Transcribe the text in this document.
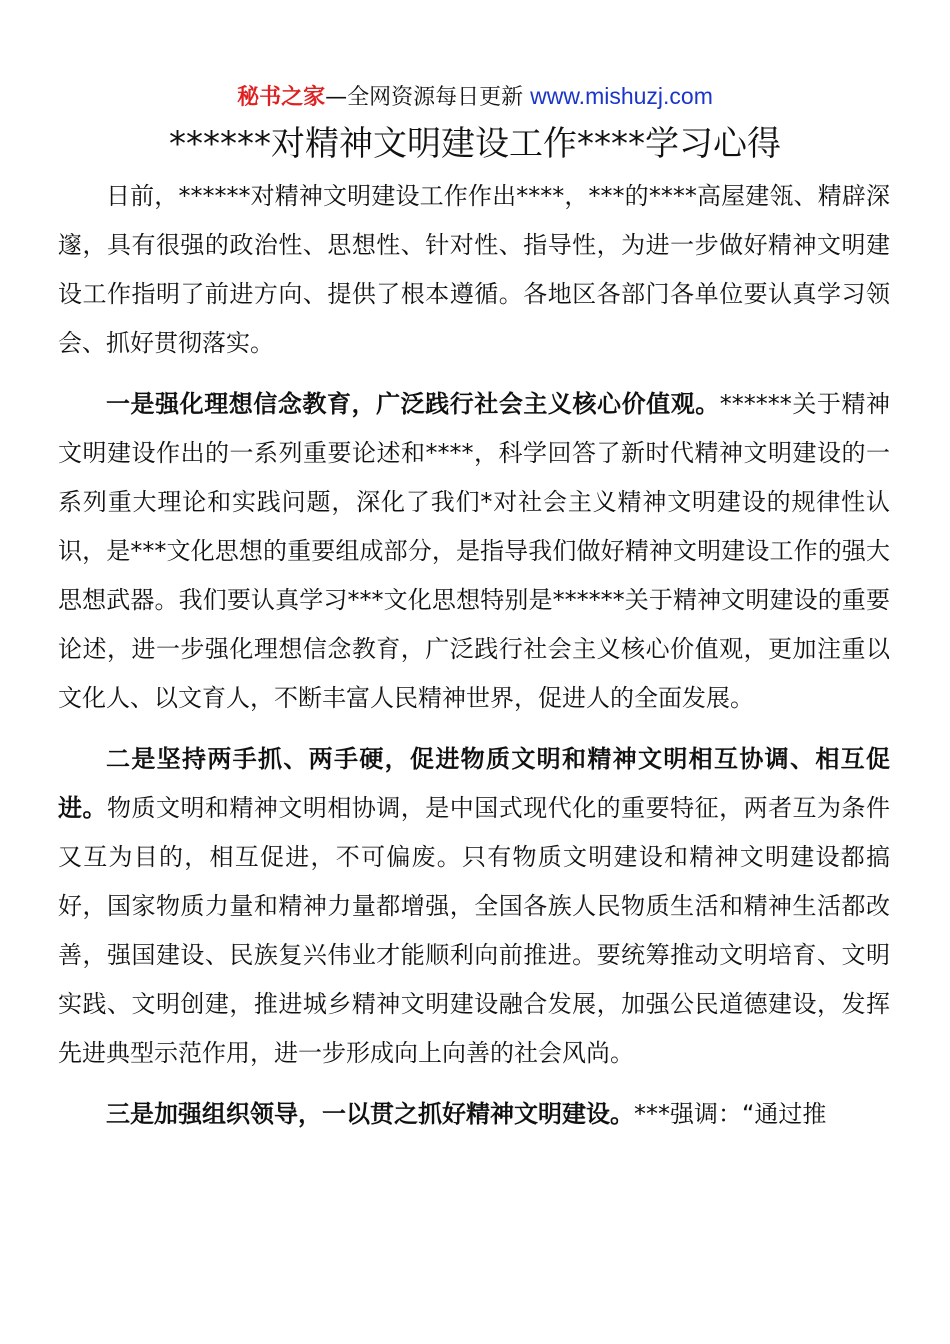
秘书之家—全网资源每日更新 www.mishuzj.com
******对精神文明建设工作****学习心得

日前，******对精神文明建设工作作出****，***的****高屋建瓴、精辟深邃，具有很强的政治性、思想性、针对性、指导性，为进一步做好精神文明建设工作指明了前进方向、提供了根本遵循。各地区各部门各单位要认真学习领会、抓好贯彻落实。

一是强化理想信念教育，广泛践行社会主义核心价值观。******关于精神文明建设作出的一系列重要论述和****，科学回答了新时代精神文明建设的一系列重大理论和实践问题，深化了我们*对社会主义精神文明建设的规律性认识，是***文化思想的重要组成部分，是指导我们做好精神文明建设工作的强大思想武器。我们要认真学习***文化思想特别是******关于精神文明建设的重要论述，进一步强化理想信念教育，广泛践行社会主义核心价值观，更加注重以文化人、以文育人，不断丰富人民精神世界，促进人的全面发展。

二是坚持两手抓、两手硬，促进物质文明和精神文明相互协调、相互促进。物质文明和精神文明相协调，是中国式现代化的重要特征，两者互为条件又互为目的，相互促进，不可偏废。只有物质文明建设和精神文明建设都搞好，国家物质力量和精神力量都增强，全国各族人民物质生活和精神生活都改善，强国建设、民族复兴伟业才能顺利向前推进。要统筹推动文明培育、文明实践、文明创建，推进城乡精神文明建设融合发展，加强公民道德建设，发挥先进典型示范作用，进一步形成向上向善的社会风尚。

三是加强组织领导，一以贯之抓好精神文明建设。***强调：“通过推
